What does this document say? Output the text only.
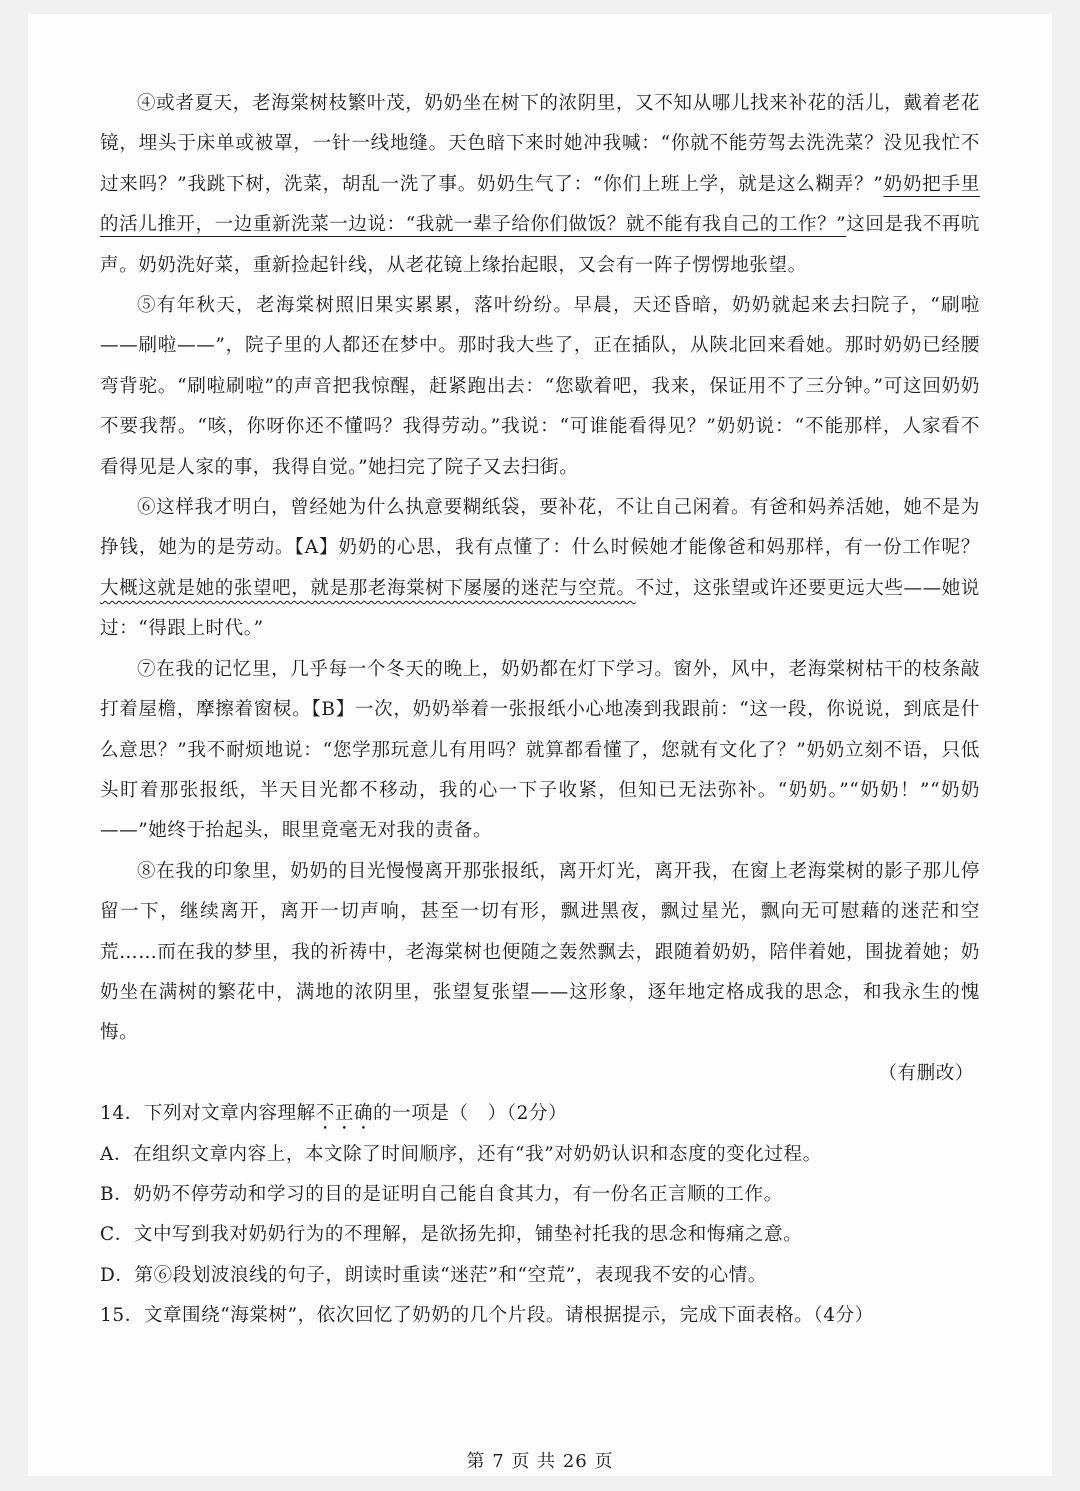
④或者夏天，老海棠树枝繁叶茂，奶奶坐在树下的浓阴里，又不知从哪儿找来补花的活儿，戴着老花镜，埋头于床单或被罩，一针一线地缝。天色暗下来时她冲我喊：“你就不能劳驾去洗洗菜？没见我忙不过来吗？”我跳下树，洗菜，胡乱一洗了事。奶奶生气了：“你们上班上学，就是这么糊弄？”奶奶把手里的活儿推开，一边重新洗菜一边说：“我就一辈子给你们做饭？就不能有我自己的工作？”这回是我不再吭声。奶奶洗好菜，重新捡起针线，从老花镜上缘抬起眼，又会有一阵子愣愣地张望。

⑤有年秋天，老海棠树照旧果实累累，落叶纷纷。早晨，天还昏暗，奶奶就起来去扫院子，“刷啦——刷啦——”，院子里的人都还在梦中。那时我大些了，正在插队，从陕北回来看她。那时奶奶已经腰弯背驼。“刷啦刷啦”的声音把我惊醒，赶紧跑出去：“您歇着吧，我来，保证用不了三分钟。”可这回奶奶不要我帮。“咳，你呀你还不懂吗？我得劳动。”我说：“可谁能看得见？”奶奶说：“不能那样，人家看不看得见是人家的事，我得自觉。”她扫完了院子又去扫街。

⑥这样我才明白，曾经她为什么执意要糊纸袋，要补花，不让自己闲着。有爸和妈养活她，她不是为挣钱，她为的是劳动。【A】奶奶的心思，我有点懂了：什么时候她才能像爸和妈那样，有一份工作呢？大概这就是她的张望吧，就是那老海棠树下屡屡的迷茫与空荒。不过，这张望或许还要更远大些——她说过：“得跟上时代。”

⑦在我的记忆里，几乎每一个冬天的晚上，奶奶都在灯下学习。窗外，风中，老海棠树枯干的枝条敲打着屋檐，摩擦着窗棂。【B】一次，奶奶举着一张报纸小心地凑到我跟前：“这一段，你说说，到底是什么意思？”我不耐烦地说：“您学那玩意儿有用吗？就算都看懂了，您就有文化了？”奶奶立刻不语，只低头盯着那张报纸，半天目光都不移动，我的心一下子收紧，但知已无法弥补。“奶奶。”“奶奶！”“奶奶——”她终于抬起头，眼里竟毫无对我的责备。

⑧在我的印象里，奶奶的目光慢慢离开那张报纸，离开灯光，离开我，在窗上老海棠树的影子那儿停留一下，继续离开，离开一切声响，甚至一切有形，飘进黑夜，飘过星光，飘向无可慰藉的迷茫和空荒……而在我的梦里，我的祈祷中，老海棠树也便随之轰然飘去，跟随着奶奶，陪伴着她，围拢着她；奶奶坐在满树的繁花中，满地的浓阴里，张望复张望——这形象，逐年地定格成我的思念，和我永生的愧悔。

（有删改）

14．下列对文章内容理解不正确的一项是（　）（2分）

A．在组织文章内容上，本文除了时间顺序，还有“我”对奶奶认识和态度的变化过程。

B．奶奶不停劳动和学习的目的是证明自己能自食其力，有一份名正言顺的工作。

C．文中写到我对奶奶行为的不理解，是欲扬先抑，铺垫衬托我的思念和悔痛之意。

D．第⑥段划波浪线的句子，朗读时重读“迷茫”和“空荒”，表现我不安的心情。

15．文章围绕“海棠树”，依次回忆了奶奶的几个片段。请根据提示，完成下面表格。（4分）

第 7 页 共 26 页
